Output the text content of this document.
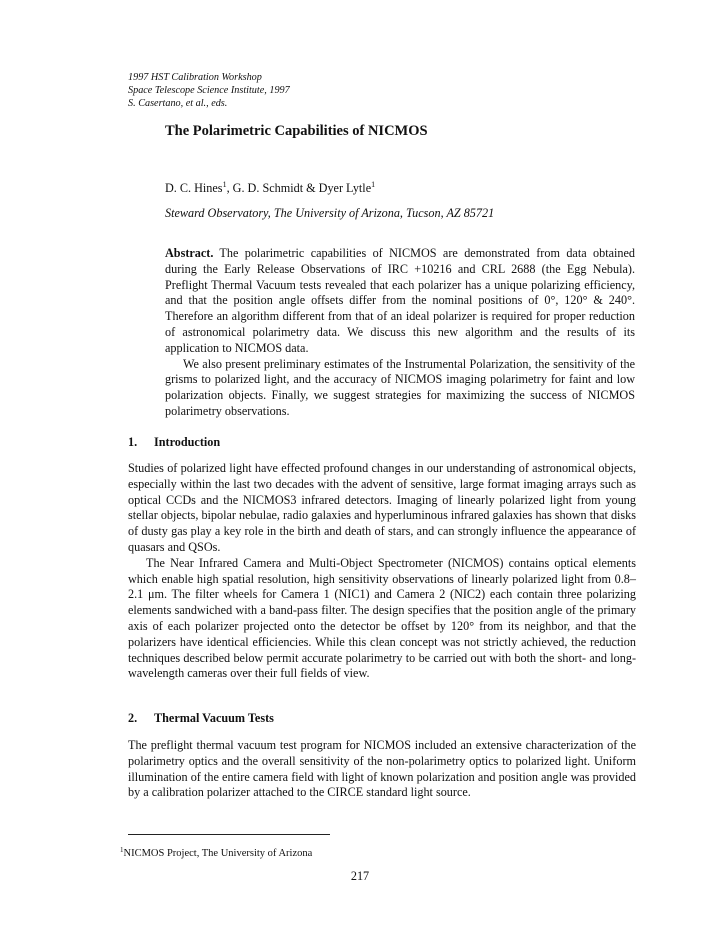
1997 HST Calibration Workshop
Space Telescope Science Institute, 1997
S. Casertano, et al., eds.
The Polarimetric Capabilities of NICMOS
D. C. Hines$^1$, G. D. Schmidt & Dyer Lytle$^1$
Steward Observatory, The University of Arizona, Tucson, AZ 85721

Abstract. The polarimetric capabilities of NICMOS are demonstrated from data obtained during the Early Release Observations of IRC +10216 and CRL 2688 (the Egg Nebula). Preflight Thermal Vacuum tests revealed that each polarizer has a unique polarizing efficiency, and that the position angle offsets differ from the nominal positions of 0°, 120° & 240°. Therefore an algorithm different from that of an ideal polarizer is required for proper reduction of astronomical polarimetry data. We discuss this new algorithm and the results of its application to NICMOS data.

We also present preliminary estimates of the Instrumental Polarization, the sensitivity of the grisms to polarized light, and the accuracy of NICMOS imaging polarimetry for faint and low polarization objects. Finally, we suggest strategies for maximizing the success of NICMOS polarimetry observations.

1. Introduction

Studies of polarized light have effected profound changes in our understanding of astronomical objects, especially within the last two decades with the advent of sensitive, large format imaging arrays such as optical CCDs and the NICMOS3 infrared detectors. Imaging of linearly polarized light from young stellar objects, bipolar nebulae, radio galaxies and hyperluminous infrared galaxies has shown that disks of dusty gas play a key role in the birth and death of stars, and can strongly influence the appearance of quasars and QSOs.

The Near Infrared Camera and Multi-Object Spectrometer (NICMOS) contains optical elements which enable high spatial resolution, high sensitivity observations of linearly polarized light from 0.8–2.1 μm. The filter wheels for Camera 1 (NIC1) and Camera 2 (NIC2) each contain three polarizing elements sandwiched with a band-pass filter. The design specifies that the position angle of the primary axis of each polarizer projected onto the detector be offset by 120° from its neighbor, and that the polarizers have identical efficiencies. While this clean concept was not strictly achieved, the reduction techniques described below permit accurate polarimetry to be carried out with both the short- and long-wavelength cameras over their full fields of view.

2. Thermal Vacuum Tests

The preflight thermal vacuum test program for NICMOS included an extensive characterization of the polarimetry optics and the overall sensitivity of the non-polarimetry optics to polarized light. Uniform illumination of the entire camera field with light of known polarization and position angle was provided by a calibration polarizer attached to the CIRCE standard light source.

$^1$NICMOS Project, The University of Arizona
217
